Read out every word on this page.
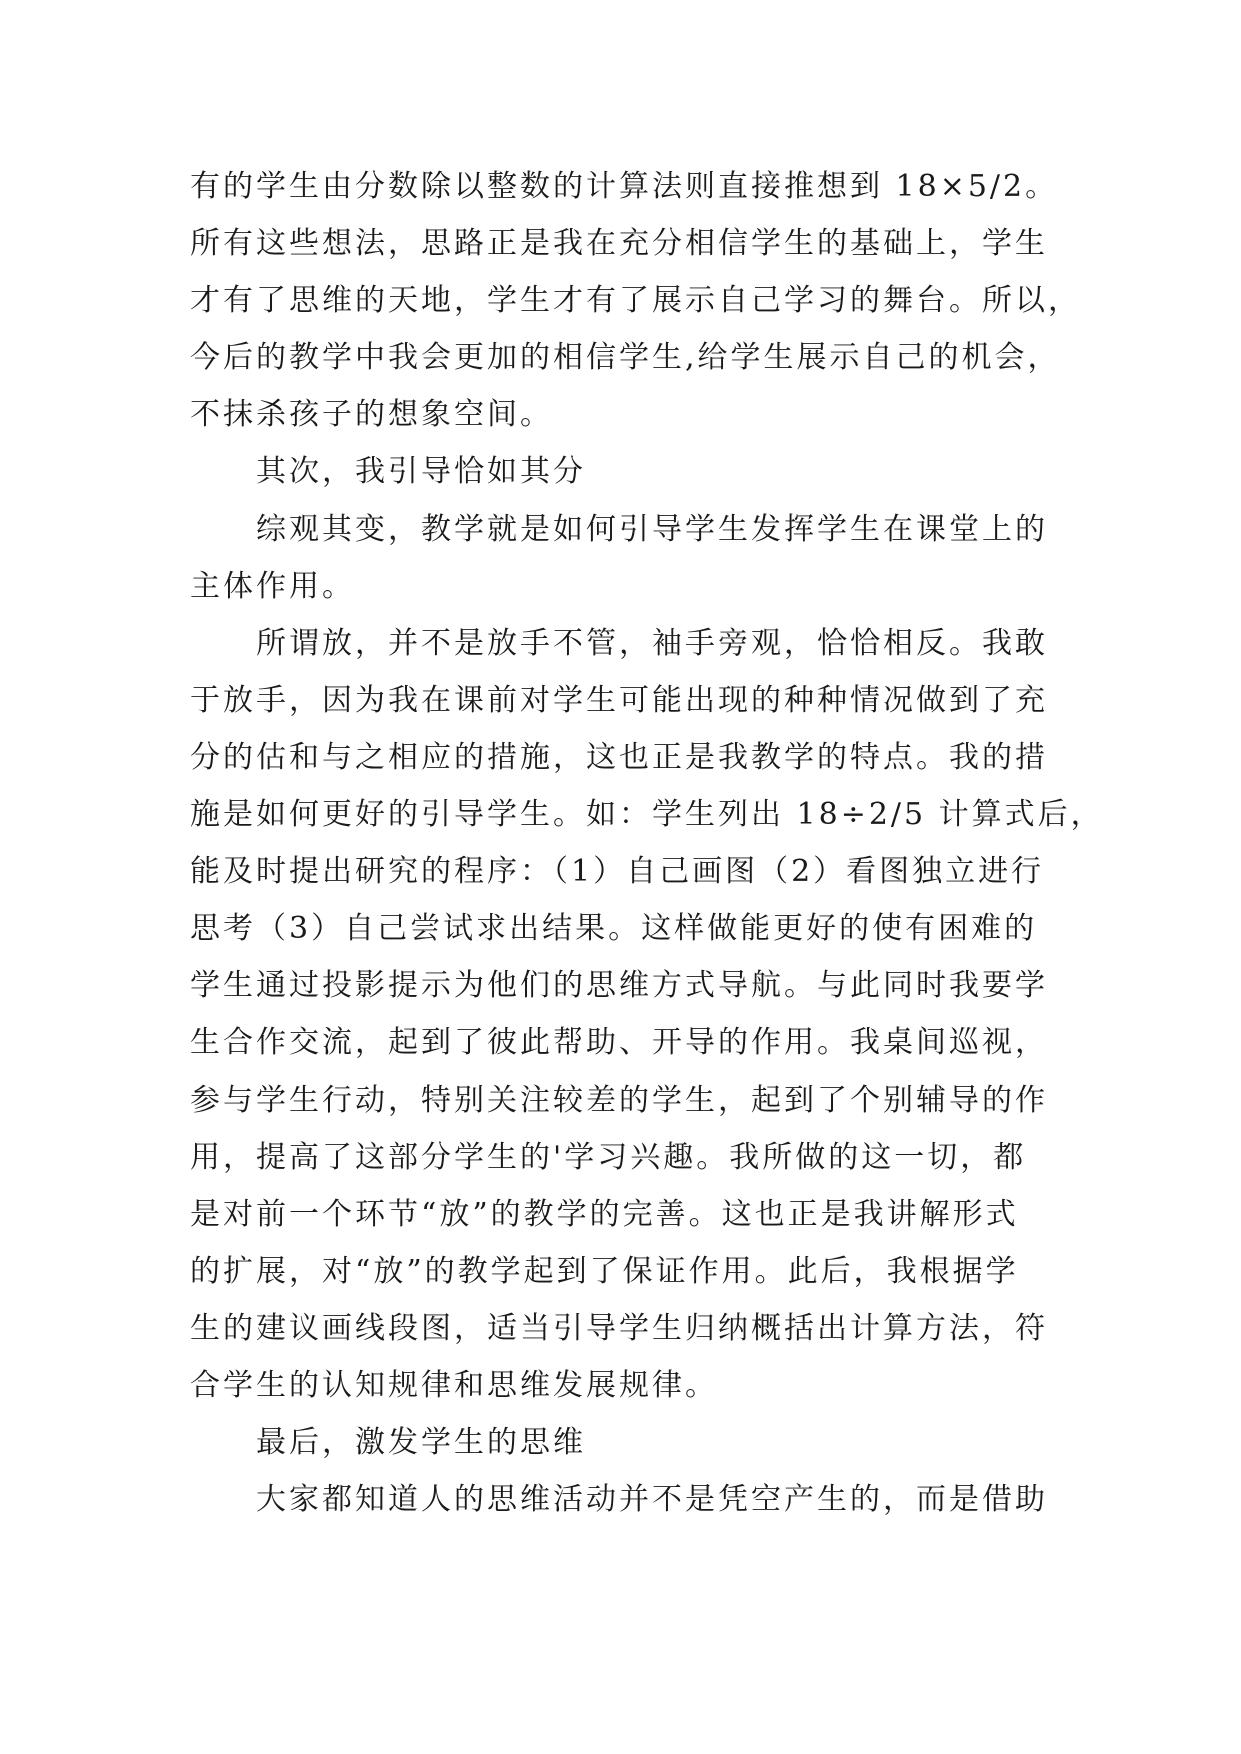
有的学生由分数除以整数的计算法则直接推想到 18×5/2。
所有这些想法，思路正是我在充分相信学生的基础上，学生
才有了思维的天地，学生才有了展示自己学习的舞台。所以，
今后的教学中我会更加的相信学生,给学生展示自己的机会，
不抹杀孩子的想象空间。
其次，我引导恰如其分
综观其变，教学就是如何引导学生发挥学生在课堂上的
主体作用。
所谓放，并不是放手不管，袖手旁观，恰恰相反。我敢
于放手，因为我在课前对学生可能出现的种种情况做到了充
分的估和与之相应的措施，这也正是我教学的特点。我的措
施是如何更好的引导学生。如：学生列出 18÷2/5 计算式后，
能及时提出研究的程序：（1）自己画图（2）看图独立进行
思考（3）自己尝试求出结果。这样做能更好的使有困难的
学生通过投影提示为他们的思维方式导航。与此同时我要学
生合作交流，起到了彼此帮助、开导的作用。我桌间巡视，
参与学生行动，特别关注较差的学生，起到了个别辅导的作
用，提高了这部分学生的'学习兴趣。我所做的这一切，都
是对前一个环节“放”的教学的完善。这也正是我讲解形式
的扩展，对“放”的教学起到了保证作用。此后，我根据学
生的建议画线段图，适当引导学生归纳概括出计算方法，符
合学生的认知规律和思维发展规律。
最后，激发学生的思维
大家都知道人的思维活动并不是凭空产生的，而是借助
